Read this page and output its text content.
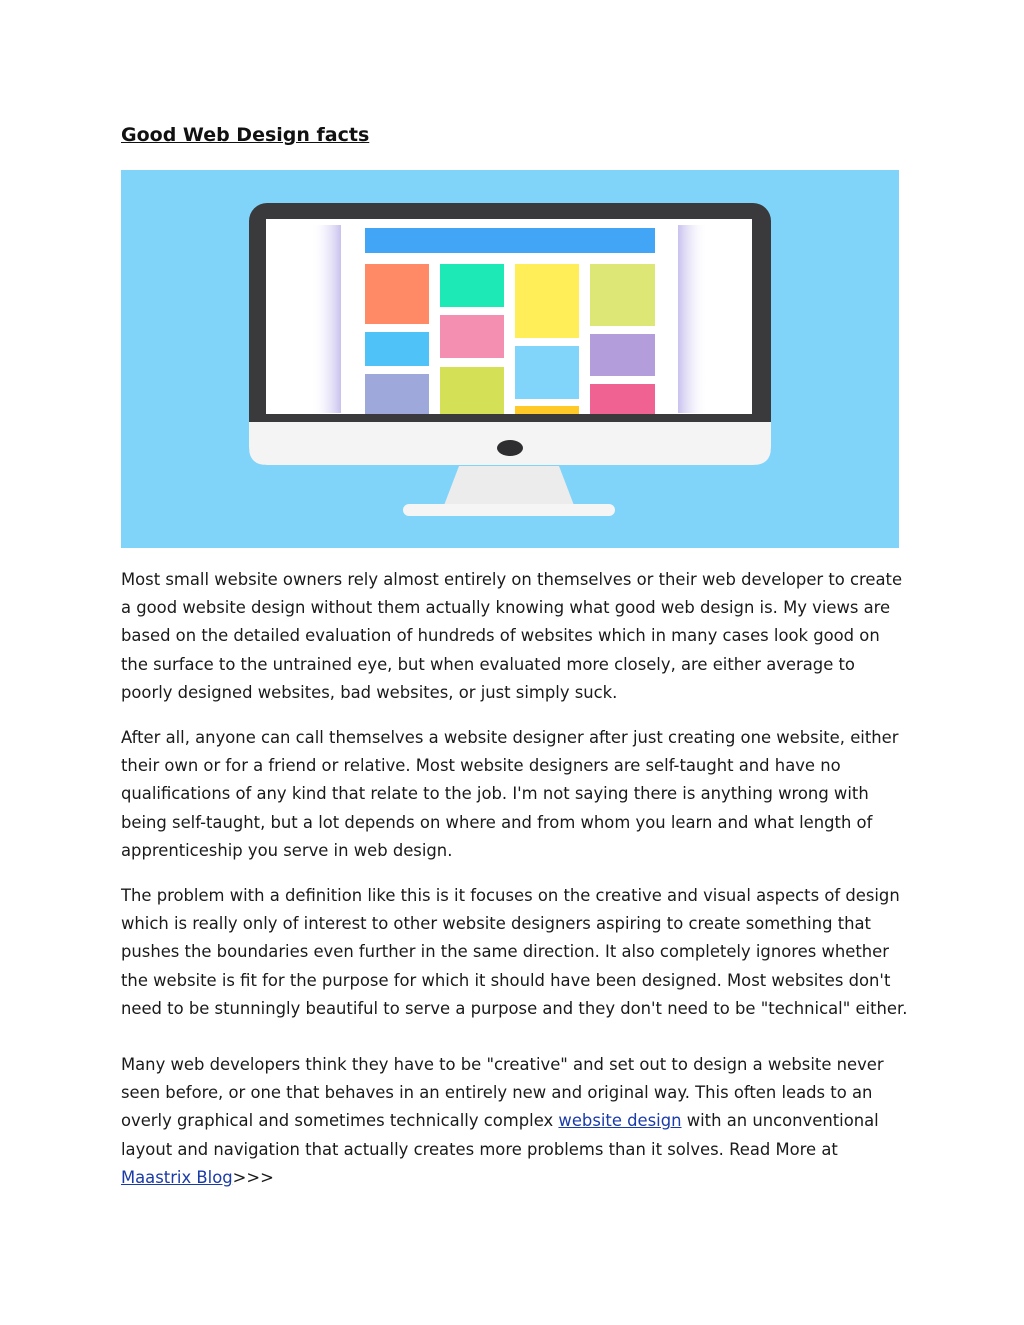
Good Web Design facts

Most small website owners rely almost entirely on themselves or their web developer to create a good website design without them actually knowing what good web design is. My views are based on the detailed evaluation of hundreds of websites which in many cases look good on the surface to the untrained eye, but when evaluated more closely, are either average to poorly designed websites, bad websites, or just simply suck.

After all, anyone can call themselves a website designer after just creating one website, either their own or for a friend or relative. Most website designers are self-taught and have no qualifications of any kind that relate to the job. I'm not saying there is anything wrong with being self-taught, but a lot depends on where and from whom you learn and what length of apprenticeship you serve in web design.

The problem with a definition like this is it focuses on the creative and visual aspects of design which is really only of interest to other website designers aspiring to create something that pushes the boundaries even further in the same direction. It also completely ignores whether the website is fit for the purpose for which it should have been designed. Most websites don't need to be stunningly beautiful to serve a purpose and they don't need to be "technical" either.

Many web developers think they have to be "creative" and set out to design a website never seen before, or one that behaves in an entirely new and original way. This often leads to an overly graphical and sometimes technically complex website design with an unconventional layout and navigation that actually creates more problems than it solves. Read More at Maastrix Blog>>>
